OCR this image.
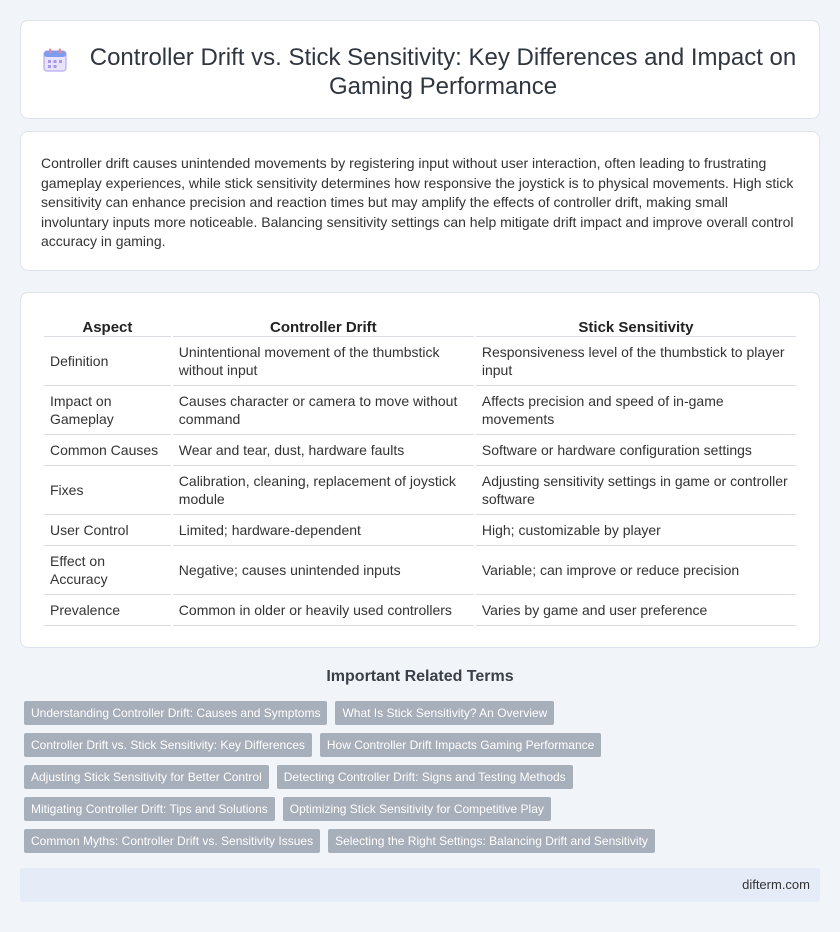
Controller Drift vs. Stick Sensitivity: Key Differences and Impact on Gaming Performance

Controller drift causes unintended movements by registering input without user interaction, often leading to frustrating gameplay experiences, while stick sensitivity determines how responsive the joystick is to physical movements. High stick sensitivity can enhance precision and reaction times but may amplify the effects of controller drift, making small involuntary inputs more noticeable. Balancing sensitivity settings can help mitigate drift impact and improve overall control accuracy in gaming.

Aspect	Controller Drift	Stick Sensitivity
Definition	Unintentional movement of the thumbstick without input	Responsiveness level of the thumbstick to player input
Impact on Gameplay	Causes character or camera to move without command	Affects precision and speed of in-game movements
Common Causes	Wear and tear, dust, hardware faults	Software or hardware configuration settings
Fixes	Calibration, cleaning, replacement of joystick module	Adjusting sensitivity settings in game or controller software
User Control	Limited; hardware-dependent	High; customizable by player
Effect on Accuracy	Negative; causes unintended inputs	Variable; can improve or reduce precision
Prevalence	Common in older or heavily used controllers	Varies by game and user preference
Important Related Terms
Understanding Controller Drift: Causes and Symptoms	What Is Stick Sensitivity? An Overview
Controller Drift vs. Stick Sensitivity: Key Differences	How Controller Drift Impacts Gaming Performance
Adjusting Stick Sensitivity for Better Control	Detecting Controller Drift: Signs and Testing Methods
Mitigating Controller Drift: Tips and Solutions	Optimizing Stick Sensitivity for Competitive Play
Common Myths: Controller Drift vs. Sensitivity Issues	Selecting the Right Settings: Balancing Drift and Sensitivity
difterm.com
